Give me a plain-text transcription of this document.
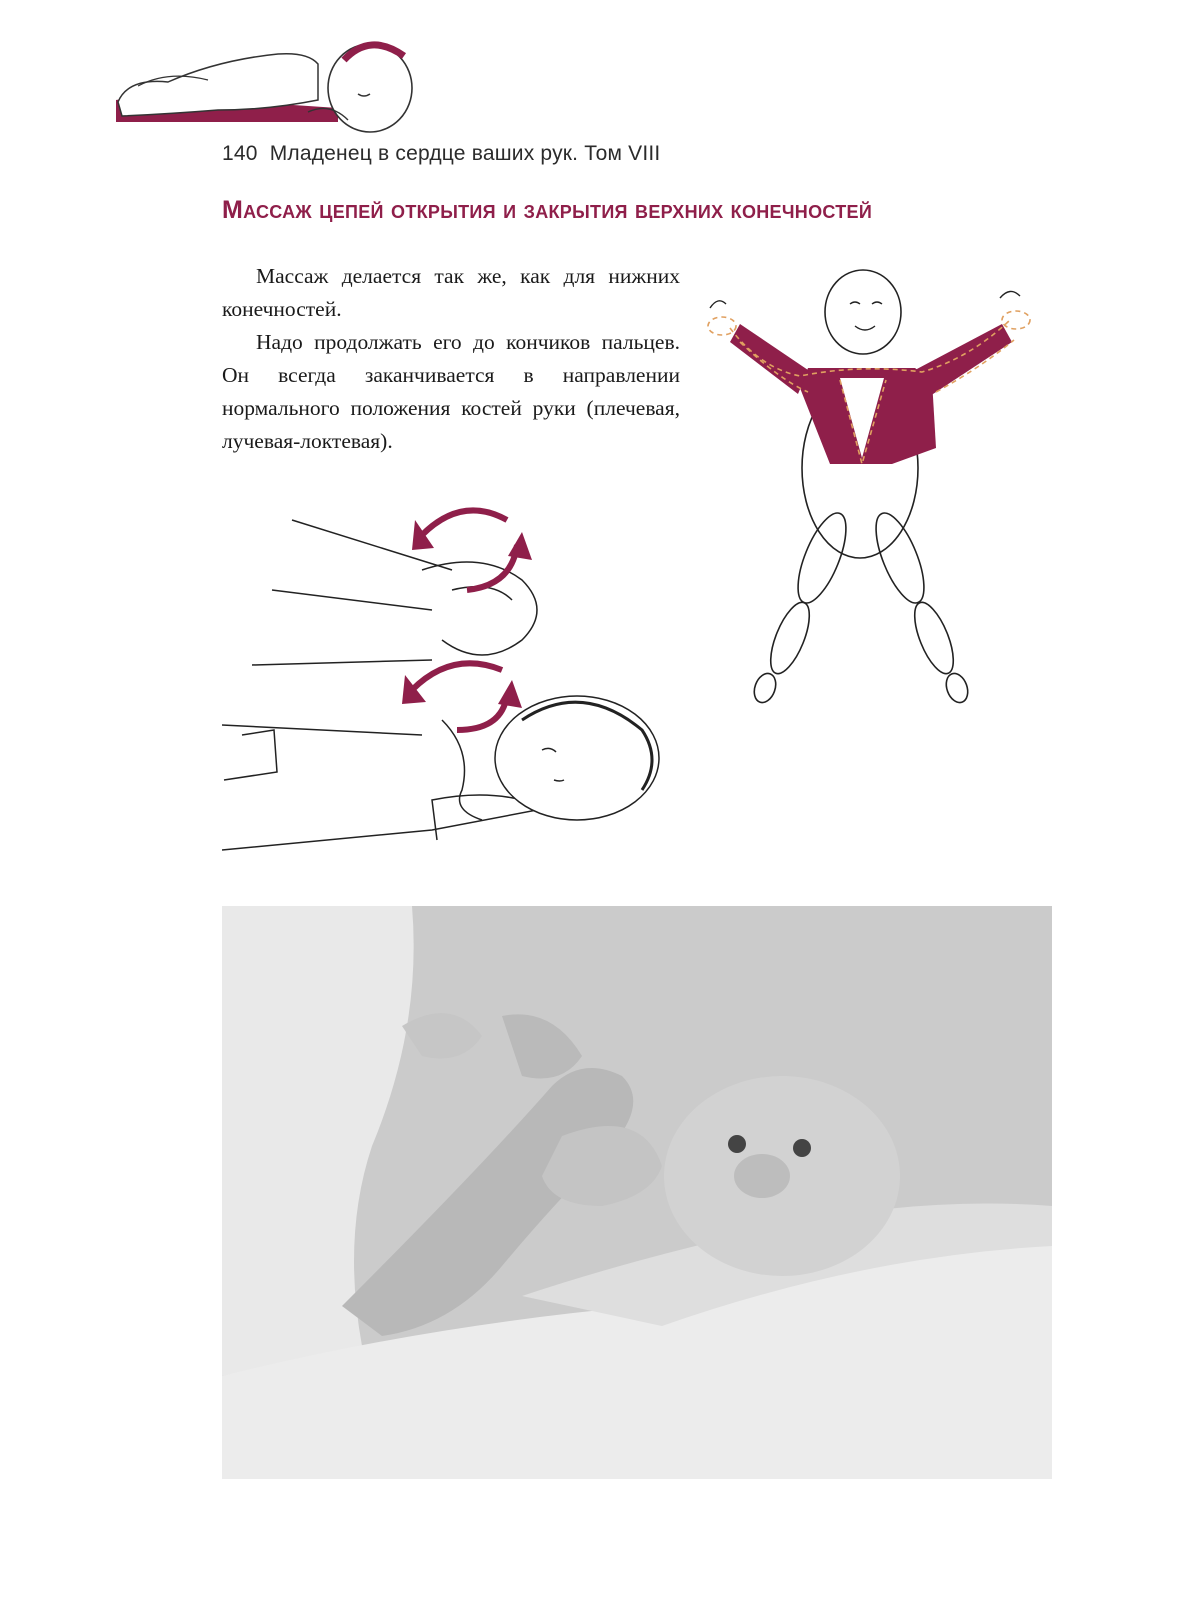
140 Младенец в сердце ваших рук. Том VIII
Массаж цепей открытия и закрытия верхних конечностей

Массаж делается так же, как для нижних конечностей.

Надо продолжать его до кончиков пальцев. Он всегда заканчивается в направлении нормального положения костей руки (плечевая, лучевая-локтевая).
